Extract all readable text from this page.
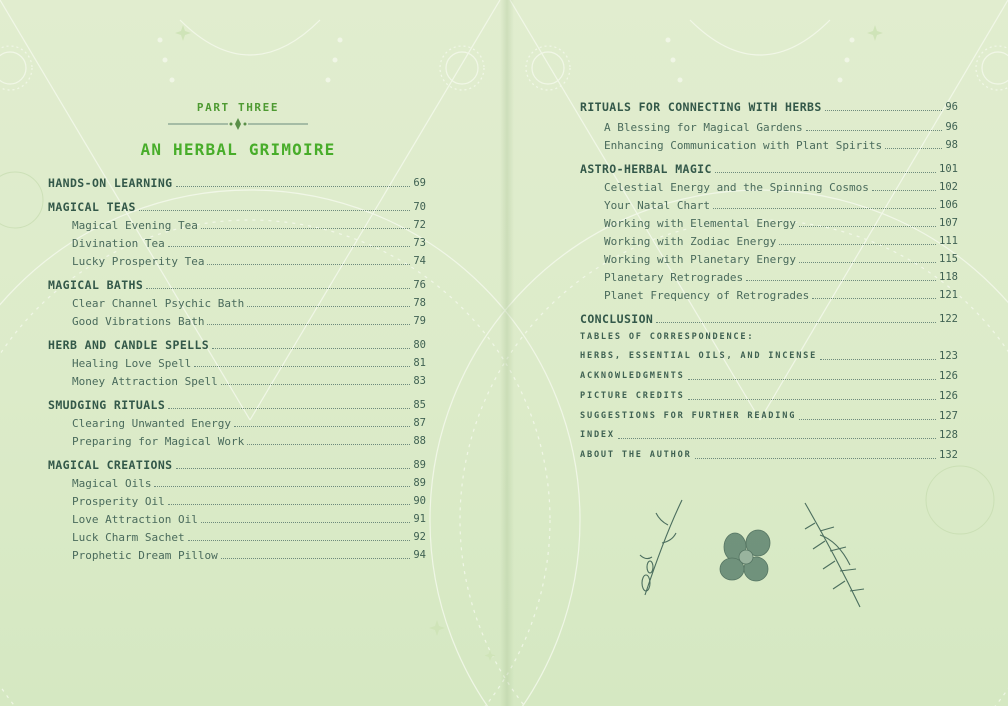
PART THREE
AN HERBAL GRIMOIRE
HANDS-ON LEARNING	69
MAGICAL TEAS	70
Magical Evening Tea	72
Divination Tea	73
Lucky Prosperity Tea	74
MAGICAL BATHS	76
Clear Channel Psychic Bath	78
Good Vibrations Bath	79
HERB AND CANDLE SPELLS	80
Healing Love Spell	81
Money Attraction Spell	83
SMUDGING RITUALS	85
Clearing Unwanted Energy	87
Preparing for Magical Work	88
MAGICAL CREATIONS	89
Magical Oils	89
Prosperity Oil	90
Love Attraction Oil	91
Luck Charm Sachet	92
Prophetic Dream Pillow	94
RITUALS FOR CONNECTING WITH HERBS	96
A Blessing for Magical Gardens	96
Enhancing Communication with Plant Spirits	98
ASTRO-HERBAL MAGIC	101
Celestial Energy and the Spinning Cosmos	102
Your Natal Chart	106
Working with Elemental Energy	107
Working with Zodiac Energy	111
Working with Planetary Energy	115
Planetary Retrogrades	118
Planet Frequency of Retrogrades	121
CONCLUSION	122
TABLES OF CORRESPONDENCE:
HERBS, ESSENTIAL OILS, AND INCENSE	123
ACKNOWLEDGMENTS	126
PICTURE CREDITS	126
SUGGESTIONS FOR FURTHER READING	127
INDEX	128
ABOUT THE AUTHOR	132
